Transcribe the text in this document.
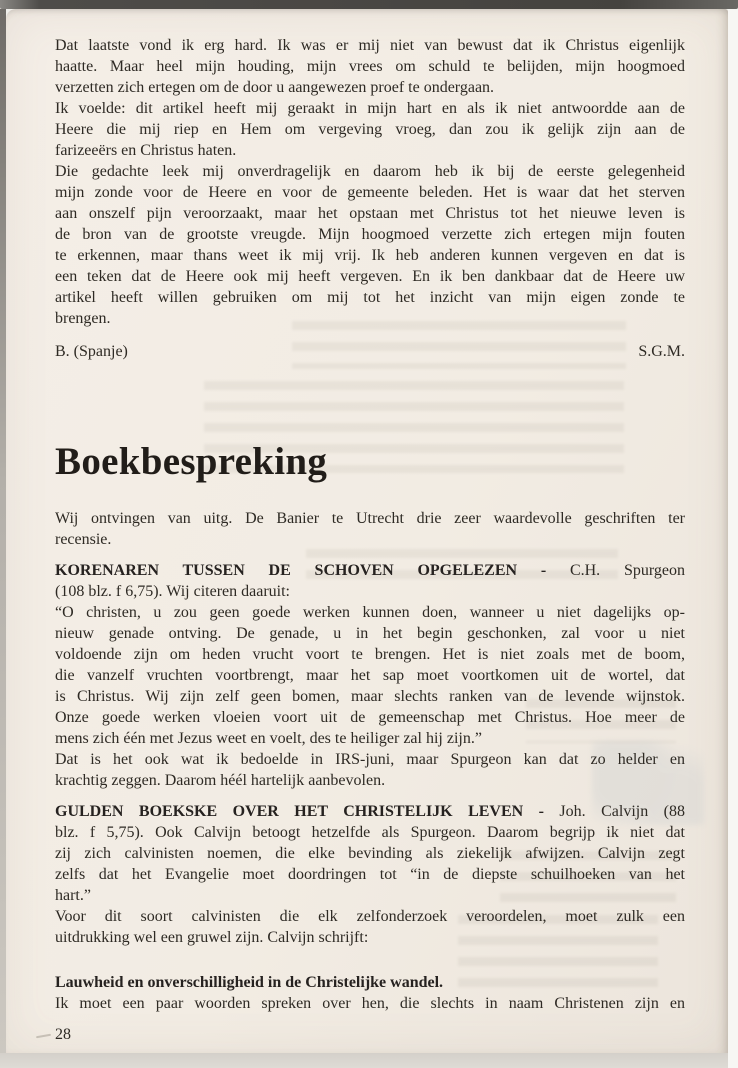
Dat laatste vond ik erg hard. Ik was er mij niet van bewust dat ik Christus eigenlijk
haatte. Maar heel mijn houding, mijn vrees om schuld te belijden, mijn hoogmoed
verzetten zich ertegen om de door u aangewezen proef te ondergaan.

Ik voelde: dit artikel heeft mij geraakt in mijn hart en als ik niet antwoordde aan de
Heere die mij riep en Hem om vergeving vroeg, dan zou ik gelijk zijn aan de
farizeeërs en Christus haten.

Die gedachte leek mij onverdragelijk en daarom heb ik bij de eerste gelegenheid
mijn zonde voor de Heere en voor de gemeente beleden. Het is waar dat het sterven
aan onszelf pijn veroorzaakt, maar het opstaan met Christus tot het nieuwe leven is
de bron van de grootste vreugde. Mijn hoogmoed verzette zich ertegen mijn fouten
te erkennen, maar thans weet ik mij vrij. Ik heb anderen kunnen vergeven en dat is
een teken dat de Heere ook mij heeft vergeven. En ik ben dankbaar dat de Heere uw
artikel heeft willen gebruiken om mij tot het inzicht van mijn eigen zonde te
brengen.

B. (Spanje)	S.G.M.
Boekbespreking

Wij ontvingen van uitg. De Banier te Utrecht drie zeer waardevolle geschriften ter
recensie.

KORENAREN TUSSEN DE SCHOVEN OPGELEZEN - C.H. Spurgeon
(108 blz. f 6,75). Wij citeren daaruit:

“O christen, u zou geen goede werken kunnen doen, wanneer u niet dagelijks op-
nieuw genade ontving. De genade, u in het begin geschonken, zal voor u niet
voldoende zijn om heden vrucht voort te brengen. Het is niet zoals met de boom,
die vanzelf vruchten voortbrengt, maar het sap moet voortkomen uit de wortel, dat
is Christus. Wij zijn zelf geen bomen, maar slechts ranken van de levende wijnstok.
Onze goede werken vloeien voort uit de gemeenschap met Christus. Hoe meer de
mens zich één met Jezus weet en voelt, des te heiliger zal hij zijn.”

Dat is het ook wat ik bedoelde in IRS-juni, maar Spurgeon kan dat zo helder en
krachtig zeggen. Daarom héél hartelijk aanbevolen.

GULDEN BOEKSKE OVER HET CHRISTELIJK LEVEN - Joh. Calvijn (88
blz. f 5,75). Ook Calvijn betoogt hetzelfde als Spurgeon. Daarom begrijp ik niet dat
zij zich calvinisten noemen, die elke bevinding als ziekelijk afwijzen. Calvijn zegt
zelfs dat het Evangelie moet doordringen tot “in de diepste schuilhoeken van het
hart.”

Voor dit soort calvinisten die elk zelfonderzoek veroordelen, moet zulk een
uitdrukking wel een gruwel zijn. Calvijn schrijft:

Lauwheid en onverschilligheid in de Christelijke wandel.

Ik moet een paar woorden spreken over hen, die slechts in naam Christenen zijn en

28
